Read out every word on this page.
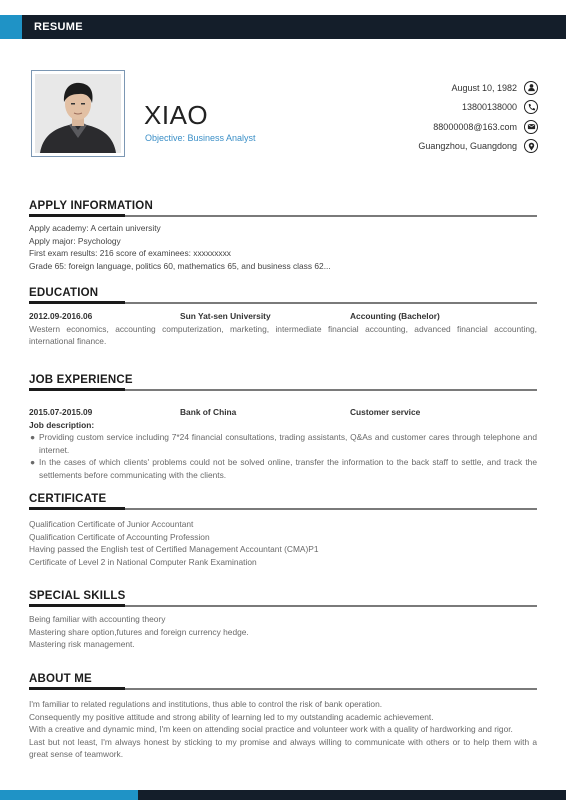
RESUME
XIAO
Objective: Business Analyst
August 10, 1982
13800138000
88000008@163.com
Guangzhou, Guangdong
APPLY INFORMATION
Apply academy: A certain university
Apply major: Psychology
First exam results: 216 score of examinees: xxxxxxxxx
Grade 65: foreign language, politics 60, mathematics 65, and business class 62...
EDUCATION
2012.09-2016.06	Sun Yat-sen University	Accounting (Bachelor)
Western economics, accounting computerization, marketing, intermediate financial accounting, advanced financial accounting, international finance.
JOB EXPERIENCE
2015.07-2015.09	Bank of China	Customer service
Job description:
● Providing custom service including 7*24 financial consultations, trading assistants, Q&As and customer cares through telephone and internet.
● In the cases of which clients' problems could not be solved online, transfer the information to the back staff to settle, and track the settlements before communicating with the clients.
CERTIFICATE
Qualification Certificate of Junior Accountant
Qualification Certificate of Accounting Profession
Having passed the English test of Certified Management Accountant (CMA)P1
Certificate of Level 2 in National Computer Rank Examination
SPECIAL SKILLS
Being familiar with accounting theory
Mastering share option,futures and foreign currency hedge.
Mastering risk management.
ABOUT ME
I'm familiar to related regulations and institutions, thus able to control the risk of bank operation.
Consequently my positive attitude and strong ability of learning led to my outstanding academic achievement.
With a creative and dynamic mind, I'm keen on attending social practice and volunteer work with a quality of hardworking and rigor.
Last but not least, I'm always honest by sticking to my promise and always willing to communicate with others or to help them with a great sense of teamwork.
